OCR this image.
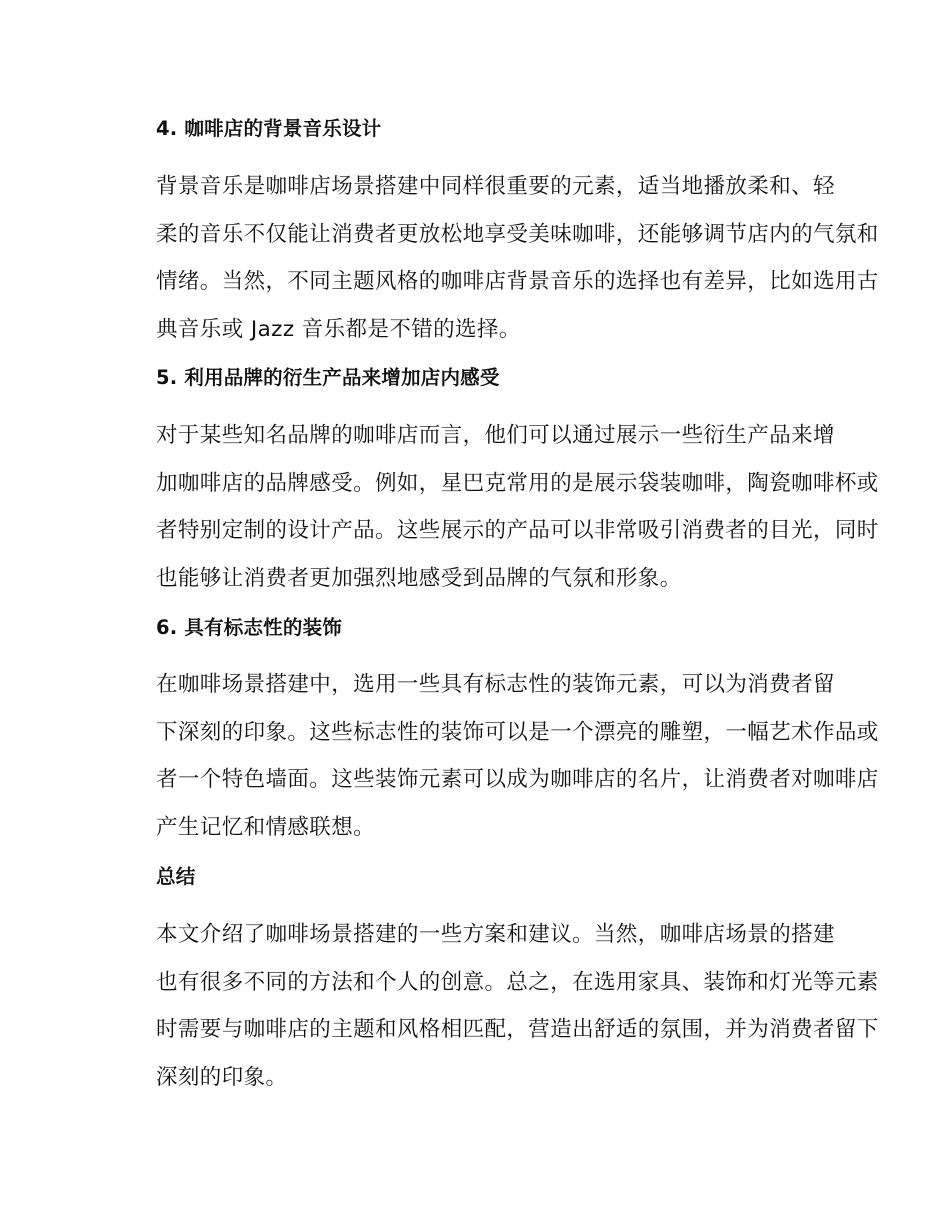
4. 咖啡店的背景音乐设计
背景音乐是咖啡店场景搭建中同样很重要的元素，适当地播放柔和、轻
柔的音乐不仅能让消费者更放松地享受美味咖啡，还能够调节店内的气氛和
情绪。当然，不同主题风格的咖啡店背景音乐的选择也有差异，比如选用古
典音乐或 Jazz 音乐都是不错的选择。
5. 利用品牌的衍生产品来增加店内感受
对于某些知名品牌的咖啡店而言，他们可以通过展示一些衍生产品来增
加咖啡店的品牌感受。例如，星巴克常用的是展示袋装咖啡，陶瓷咖啡杯或
者特别定制的设计产品。这些展示的产品可以非常吸引消费者的目光，同时
也能够让消费者更加强烈地感受到品牌的气氛和形象。
6. 具有标志性的装饰
在咖啡场景搭建中，选用一些具有标志性的装饰元素，可以为消费者留
下深刻的印象。这些标志性的装饰可以是一个漂亮的雕塑，一幅艺术作品或
者一个特色墙面。这些装饰元素可以成为咖啡店的名片，让消费者对咖啡店
产生记忆和情感联想。
总结
本文介绍了咖啡场景搭建的一些方案和建议。当然，咖啡店场景的搭建
也有很多不同的方法和个人的创意。总之，在选用家具、装饰和灯光等元素
时需要与咖啡店的主题和风格相匹配，营造出舒适的氛围，并为消费者留下
深刻的印象。
